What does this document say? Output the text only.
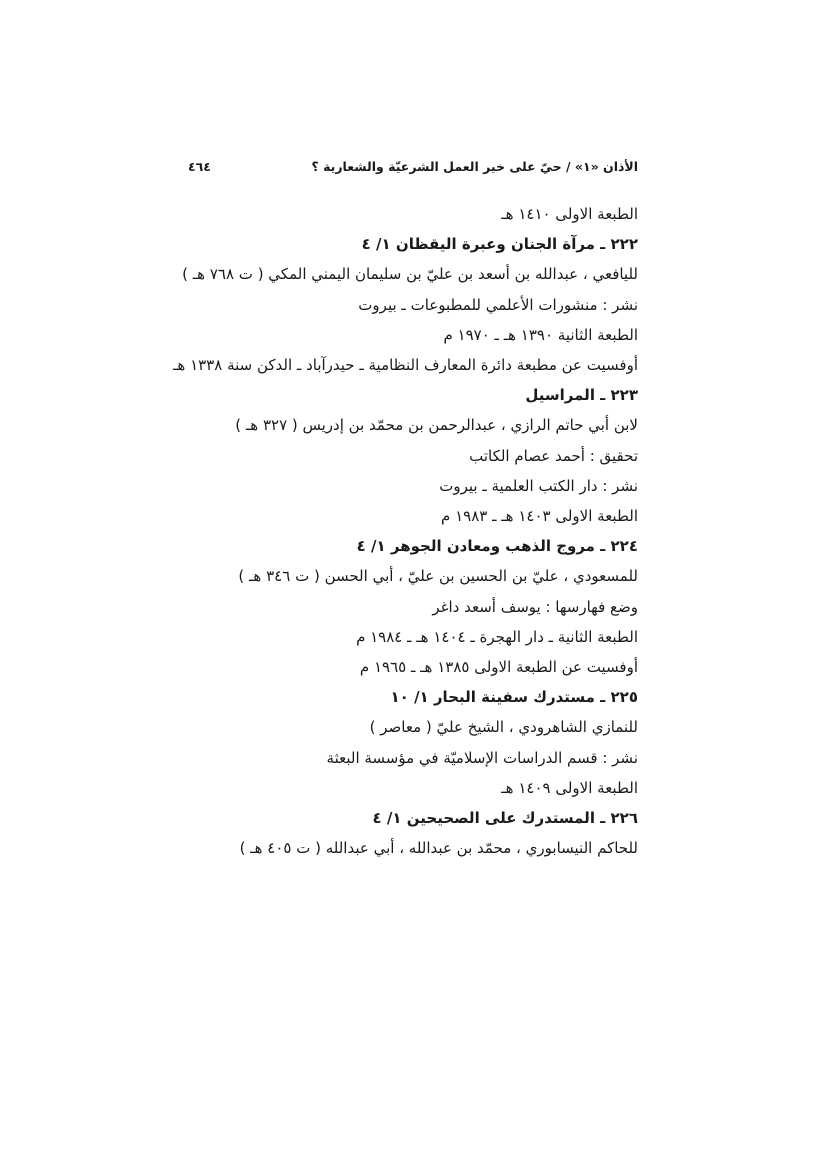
الأذان «١» / حيّ على خير العمل الشرعيّة والشعارية ؟
٤٦٤
الطبعة الاولى ١٤١٠ هـ
٢٢٢ ـ مرآة الجنان وعبرة اليقظان ١/ ٤
لليافعي ، عبدالله بن أسعد بن عليّ بن سليمان اليمني المكي ( ت ٧٦٨ هـ )
نشر : منشورات الأعلمي للمطبوعات ـ بيروت
الطبعة الثانية ١٣٩٠ هـ ـ ١٩٧٠ م
أوفسيت عن مطبعة دائرة المعارف النظامية ـ حيدرآباد ـ الدكن سنة ١٣٣٨ هـ
٢٢٣ ـ المراسيل
لابن أبي حاتم الرازي ، عبدالرحمن بن محمّد بن إدريس ( ٣٢٧ هـ )
تحقيق : أحمد عصام الكاتب
نشر : دار الكتب العلمية ـ بيروت
الطبعة الاولى ١٤٠٣ هـ ـ ١٩٨٣ م
٢٢٤ ـ مروج الذهب ومعادن الجوهر ١/ ٤
للمسعودي ، عليّ بن الحسين بن عليّ ، أبي الحسن ( ت ٣٤٦ هـ )
وضع فهارسها : يوسف أسعد داغر
الطبعة الثانية ـ دار الهجرة ـ ١٤٠٤ هـ ـ ١٩٨٤ م
أوفسيت عن الطبعة الاولى ١٣٨٥ هـ ـ ١٩٦٥ م
٢٢٥ ـ مستدرك سفينة البحار ١/ ١٠
للنمازي الشاهرودي ، الشيخ عليّ ( معاصر )
نشر : قسم الدراسات الإسلاميّة في مؤسسة البعثة
الطبعة الاولى ١٤٠٩ هـ
٢٢٦ ـ المستدرك على الصحيحين ١/ ٤
للحاكم النيسابوري ، محمّد بن عبدالله ، أبي عبدالله ( ت ٤٠٥ هـ )
